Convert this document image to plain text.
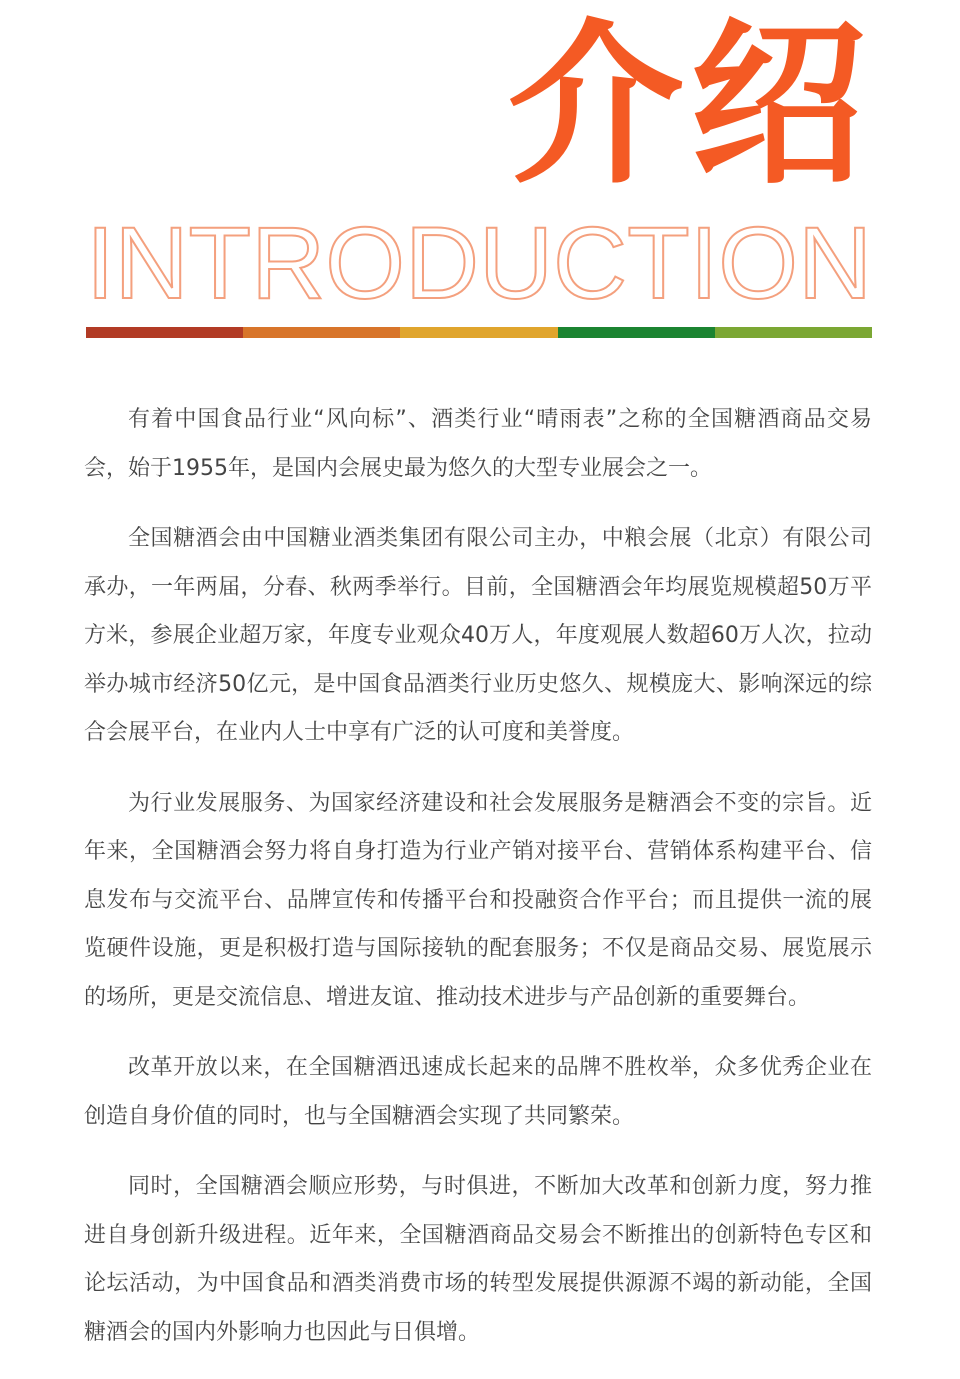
介绍
INTRODUCTION

有着中国食品行业“风向标”、酒类行业“晴雨表”之称的全国糖酒商品交易会，始于1955年，是国内会展史最为悠久的大型专业展会之一。

全国糖酒会由中国糖业酒类集团有限公司主办，中粮会展（北京）有限公司承办，一年两届，分春、秋两季举行。目前，全国糖酒会年均展览规模超50万平方米，参展企业超万家，年度专业观众40万人，年度观展人数超60万人次，拉动举办城市经济50亿元，是中国食品酒类行业历史悠久、规模庞大、影响深远的综合会展平台，在业内人士中享有广泛的认可度和美誉度。

为行业发展服务、为国家经济建设和社会发展服务是糖酒会不变的宗旨。近年来，全国糖酒会努力将自身打造为行业产销对接平台、营销体系构建平台、信息发布与交流平台、品牌宣传和传播平台和投融资合作平台；而且提供一流的展览硬件设施，更是积极打造与国际接轨的配套服务；不仅是商品交易、展览展示的场所，更是交流信息、增进友谊、推动技术进步与产品创新的重要舞台。

改革开放以来，在全国糖酒迅速成长起来的品牌不胜枚举，众多优秀企业在创造自身价值的同时，也与全国糖酒会实现了共同繁荣。

同时，全国糖酒会顺应形势，与时俱进，不断加大改革和创新力度，努力推进自身创新升级进程。近年来，全国糖酒商品交易会不断推出的创新特色专区和论坛活动，为中国食品和酒类消费市场的转型发展提供源源不竭的新动能，全国糖酒会的国内外影响力也因此与日俱增。
